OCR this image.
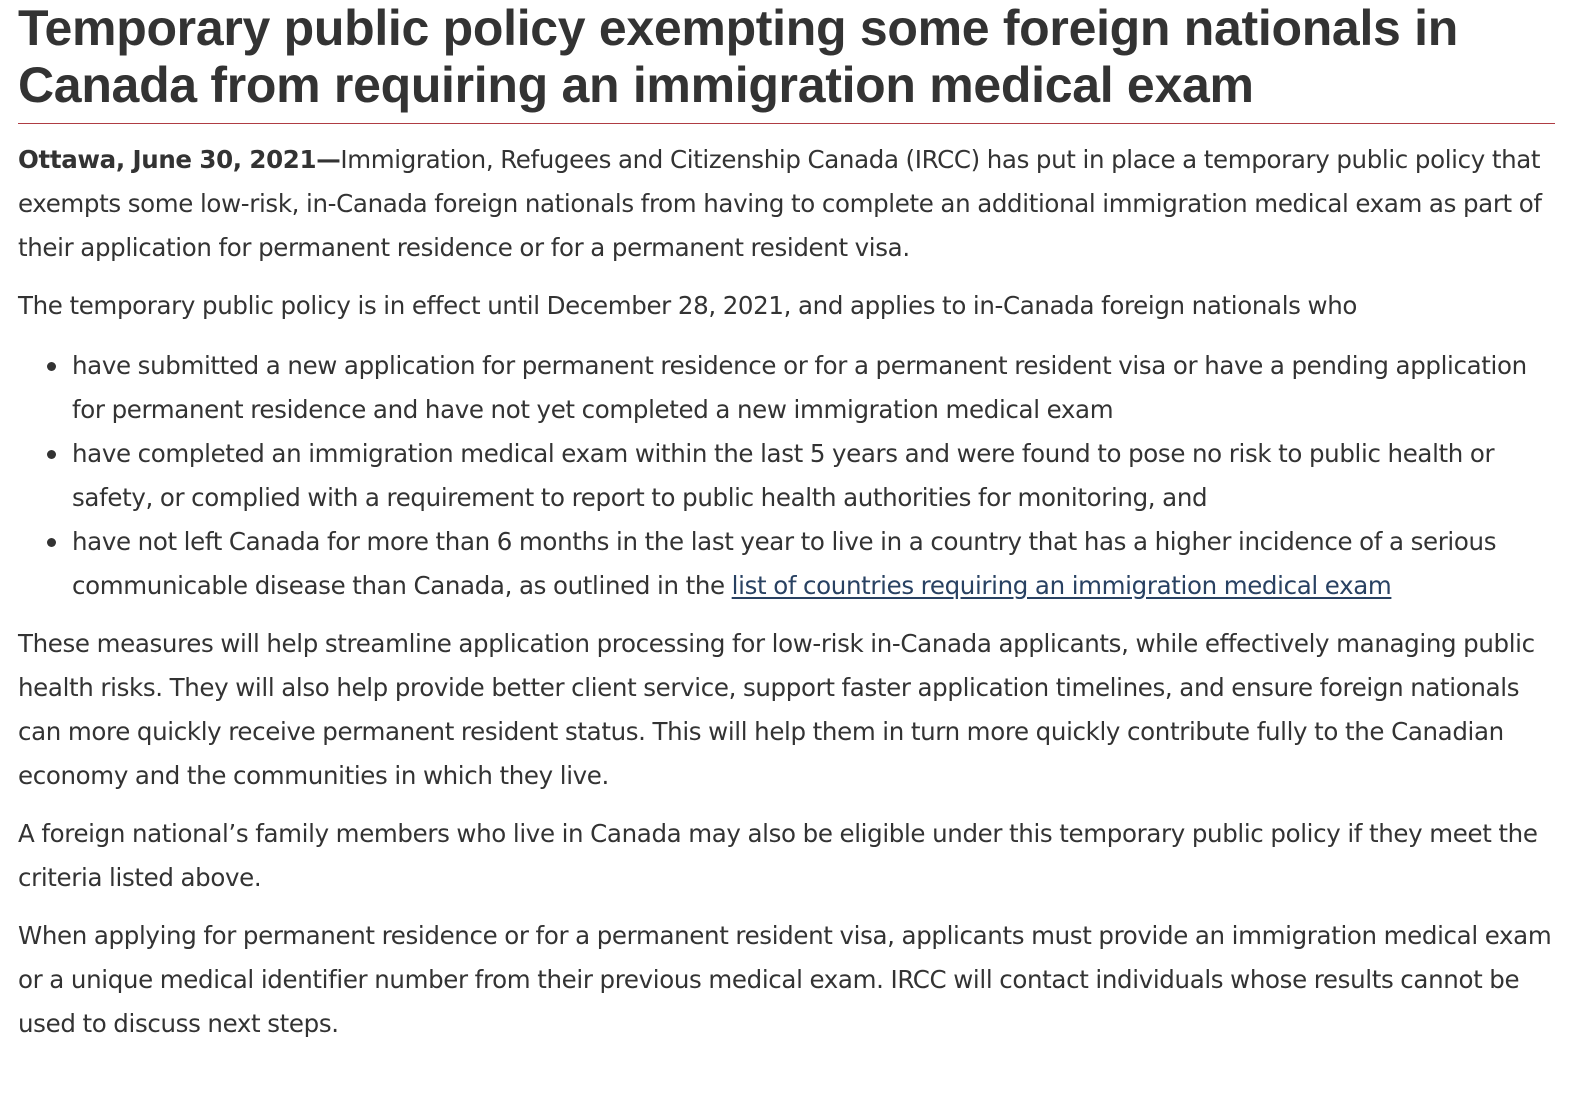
Temporary public policy exempting some foreign nationals in Canada from requiring an immigration medical exam

Ottawa, June 30, 2021—Immigration, Refugees and Citizenship Canada (IRCC) has put in place a temporary public policy that exempts some low-risk, in-Canada foreign nationals from having to complete an additional immigration medical exam as part of their application for permanent residence or for a permanent resident visa.

The temporary public policy is in effect until December 28, 2021, and applies to in-Canada foreign nationals who

have submitted a new application for permanent residence or for a permanent resident visa or have a pending application for permanent residence and have not yet completed a new immigration medical exam
have completed an immigration medical exam within the last 5 years and were found to pose no risk to public health or safety, or complied with a requirement to report to public health authorities for monitoring, and
have not left Canada for more than 6 months in the last year to live in a country that has a higher incidence of a serious communicable disease than Canada, as outlined in the list of countries requiring an immigration medical exam

These measures will help streamline application processing for low-risk in-Canada applicants, while effectively managing public health risks. They will also help provide better client service, support faster application timelines, and ensure foreign nationals can more quickly receive permanent resident status. This will help them in turn more quickly contribute fully to the Canadian economy and the communities in which they live.

A foreign national’s family members who live in Canada may also be eligible under this temporary public policy if they meet the criteria listed above.

When applying for permanent residence or for a permanent resident visa, applicants must provide an immigration medical exam or a unique medical identifier number from their previous medical exam. IRCC will contact individuals whose results cannot be used to discuss next steps.
